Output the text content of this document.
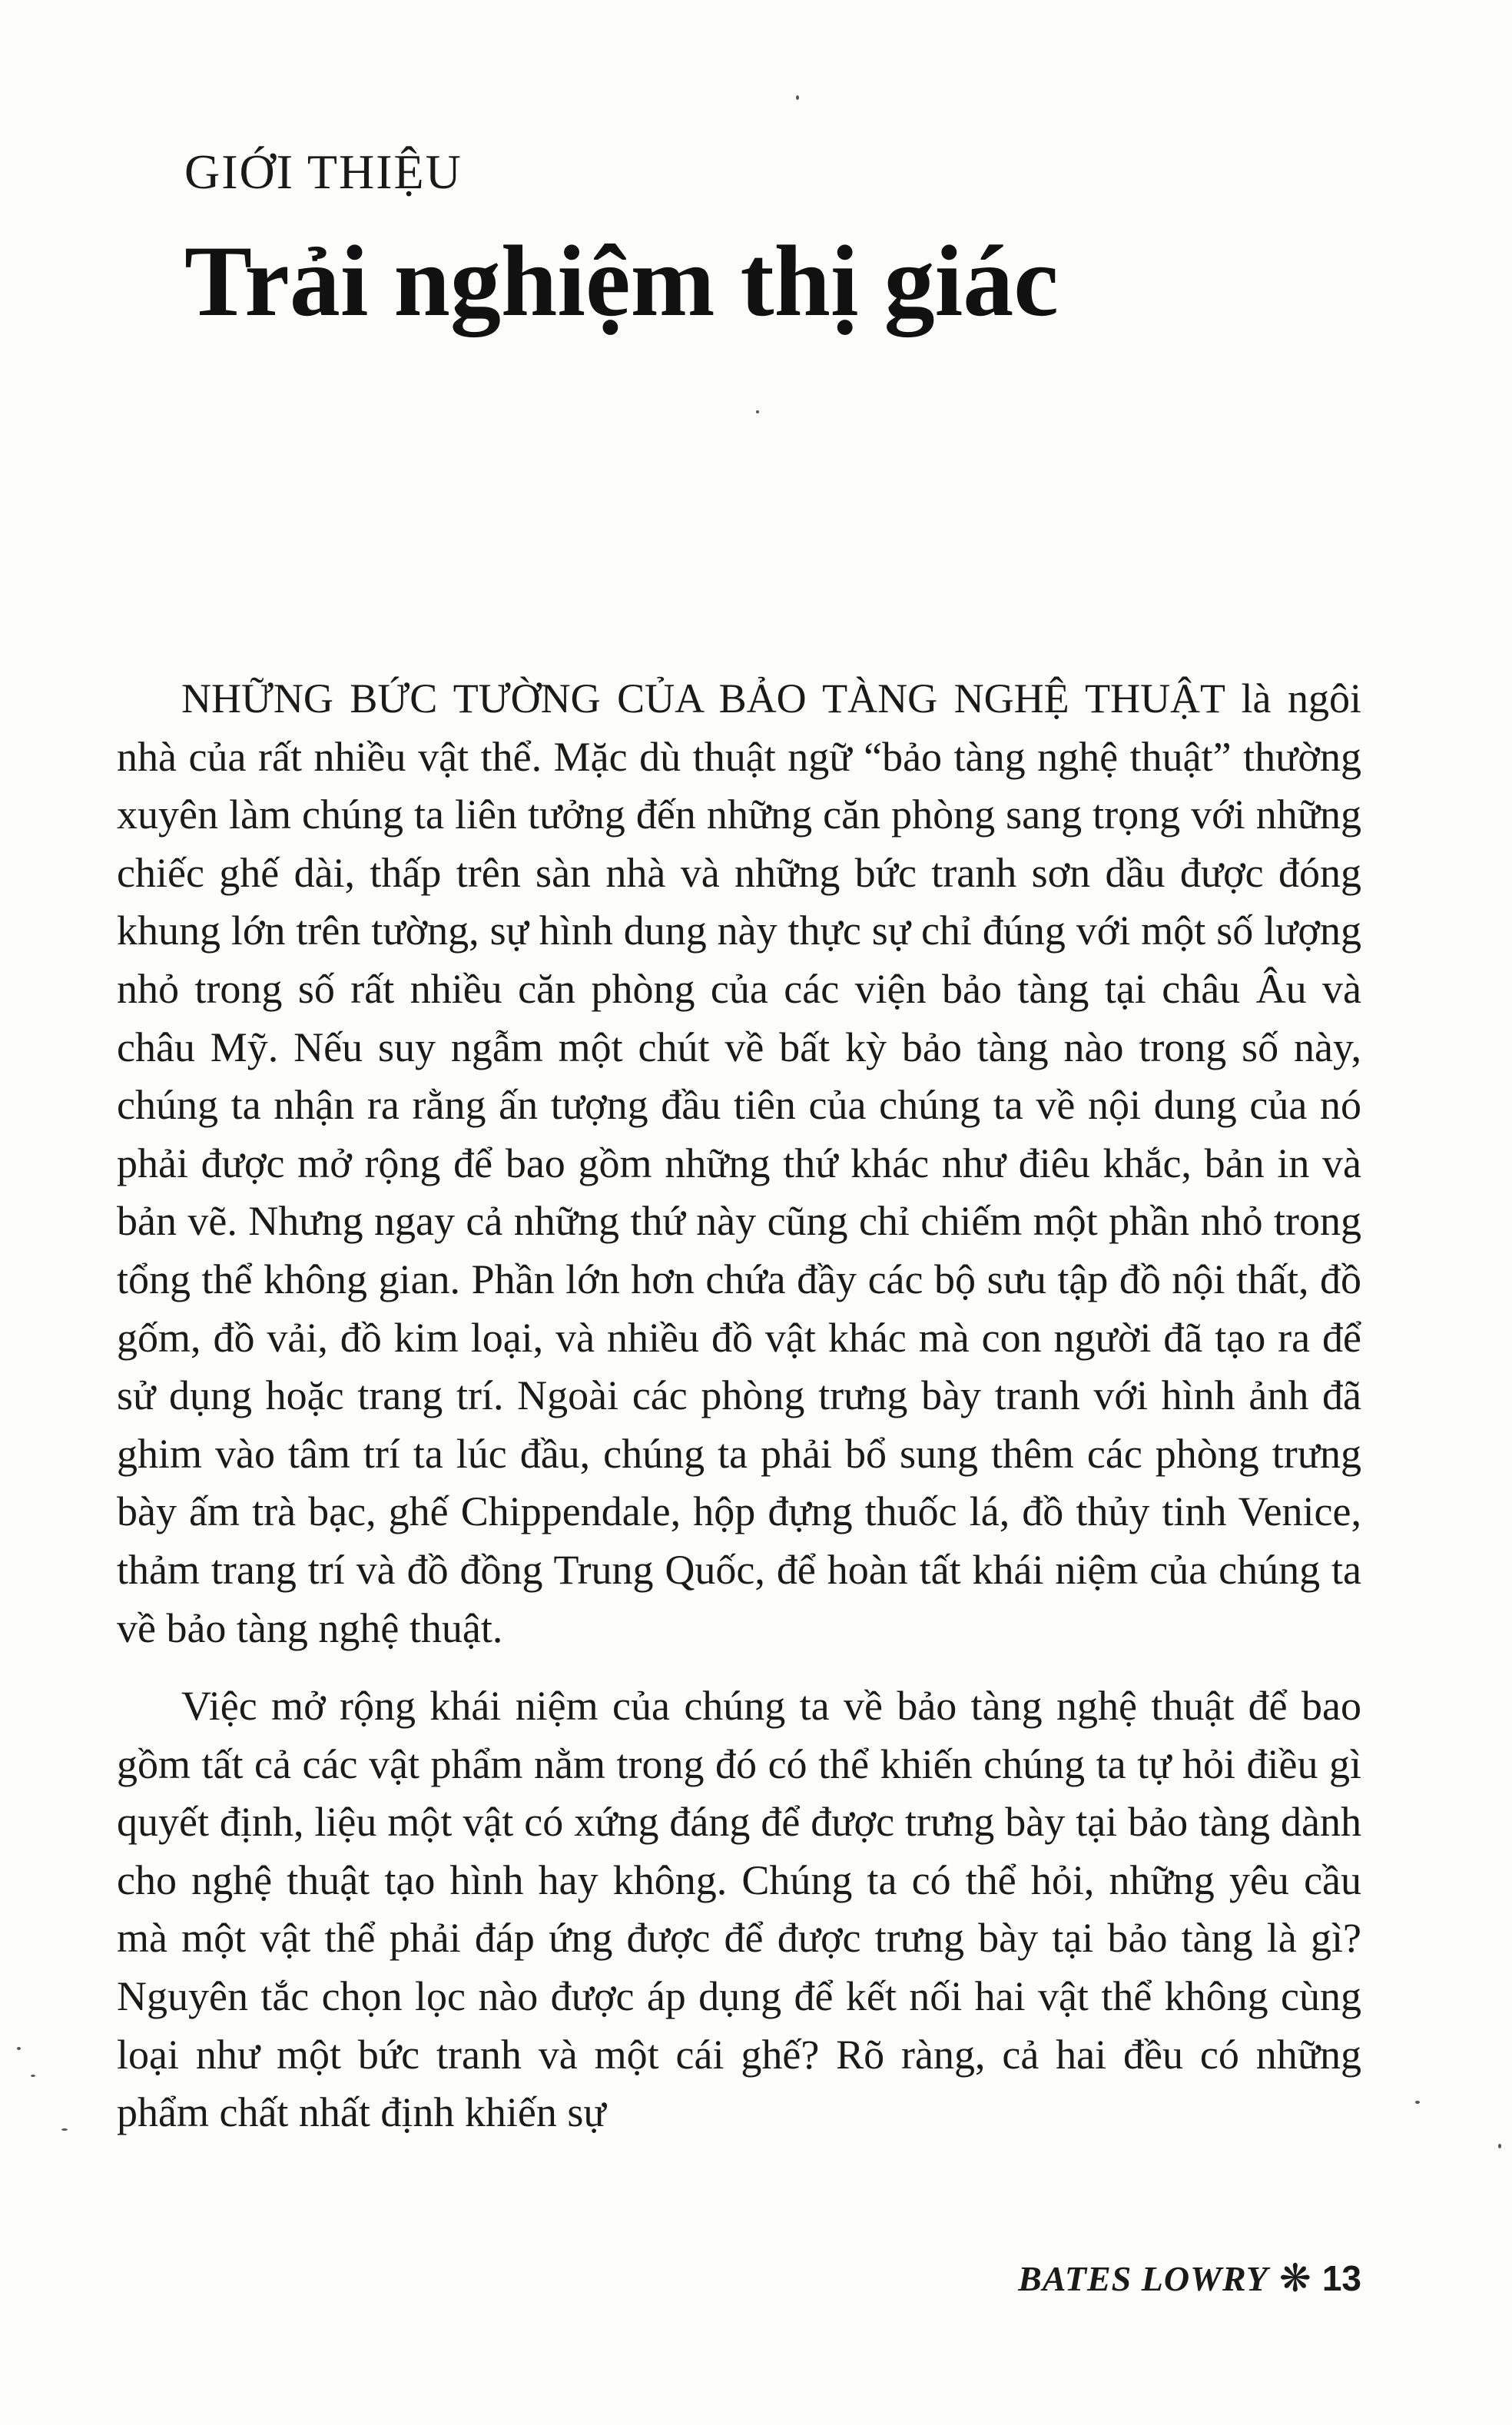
GIỚI THIỆU
Trải nghiệm thị giác

NHỮNG BỨC TƯỜNG CỦA BẢO TÀNG NGHỆ THUẬT là ngôi nhà của rất nhiều vật thể. Mặc dù thuật ngữ “bảo tàng nghệ thuật” thường xuyên làm chúng ta liên tưởng đến những căn phòng sang trọng với những chiếc ghế dài, thấp trên sàn nhà và những bức tranh sơn dầu được đóng khung lớn trên tường, sự hình dung này thực sự chỉ đúng với một số lượng nhỏ trong số rất nhiều căn phòng của các viện bảo tàng tại châu Âu và châu Mỹ. Nếu suy ngẫm một chút về bất kỳ bảo tàng nào trong số này, chúng ta nhận ra rằng ấn tượng đầu tiên của chúng ta về nội dung của nó phải được mở rộng để bao gồm những thứ khác như điêu khắc, bản in và bản vẽ. Nhưng ngay cả những thứ này cũng chỉ chiếm một phần nhỏ trong tổng thể không gian. Phần lớn hơn chứa đầy các bộ sưu tập đồ nội thất, đồ gốm, đồ vải, đồ kim loại, và nhiều đồ vật khác mà con người đã tạo ra để sử dụng hoặc trang trí. Ngoài các phòng trưng bày tranh với hình ảnh đã ghim vào tâm trí ta lúc đầu, chúng ta phải bổ sung thêm các phòng trưng bày ấm trà bạc, ghế Chippendale, hộp đựng thuốc lá, đồ thủy tinh Venice, thảm trang trí và đồ đồng Trung Quốc, để hoàn tất khái niệm của chúng ta về bảo tàng nghệ thuật.

Việc mở rộng khái niệm của chúng ta về bảo tàng nghệ thuật để bao gồm tất cả các vật phẩm nằm trong đó có thể khiến chúng ta tự hỏi điều gì quyết định, liệu một vật có xứng đáng để được trưng bày tại bảo tàng dành cho nghệ thuật tạo hình hay không. Chúng ta có thể hỏi, những yêu cầu mà một vật thể phải đáp ứng được để được trưng bày tại bảo tàng là gì? Nguyên tắc chọn lọc nào được áp dụng để kết nối hai vật thể không cùng loại như một bức tranh và một cái ghế? Rõ ràng, cả hai đều có những phẩm chất nhất định khiến sự

BATES LOWRY ❋ 13
